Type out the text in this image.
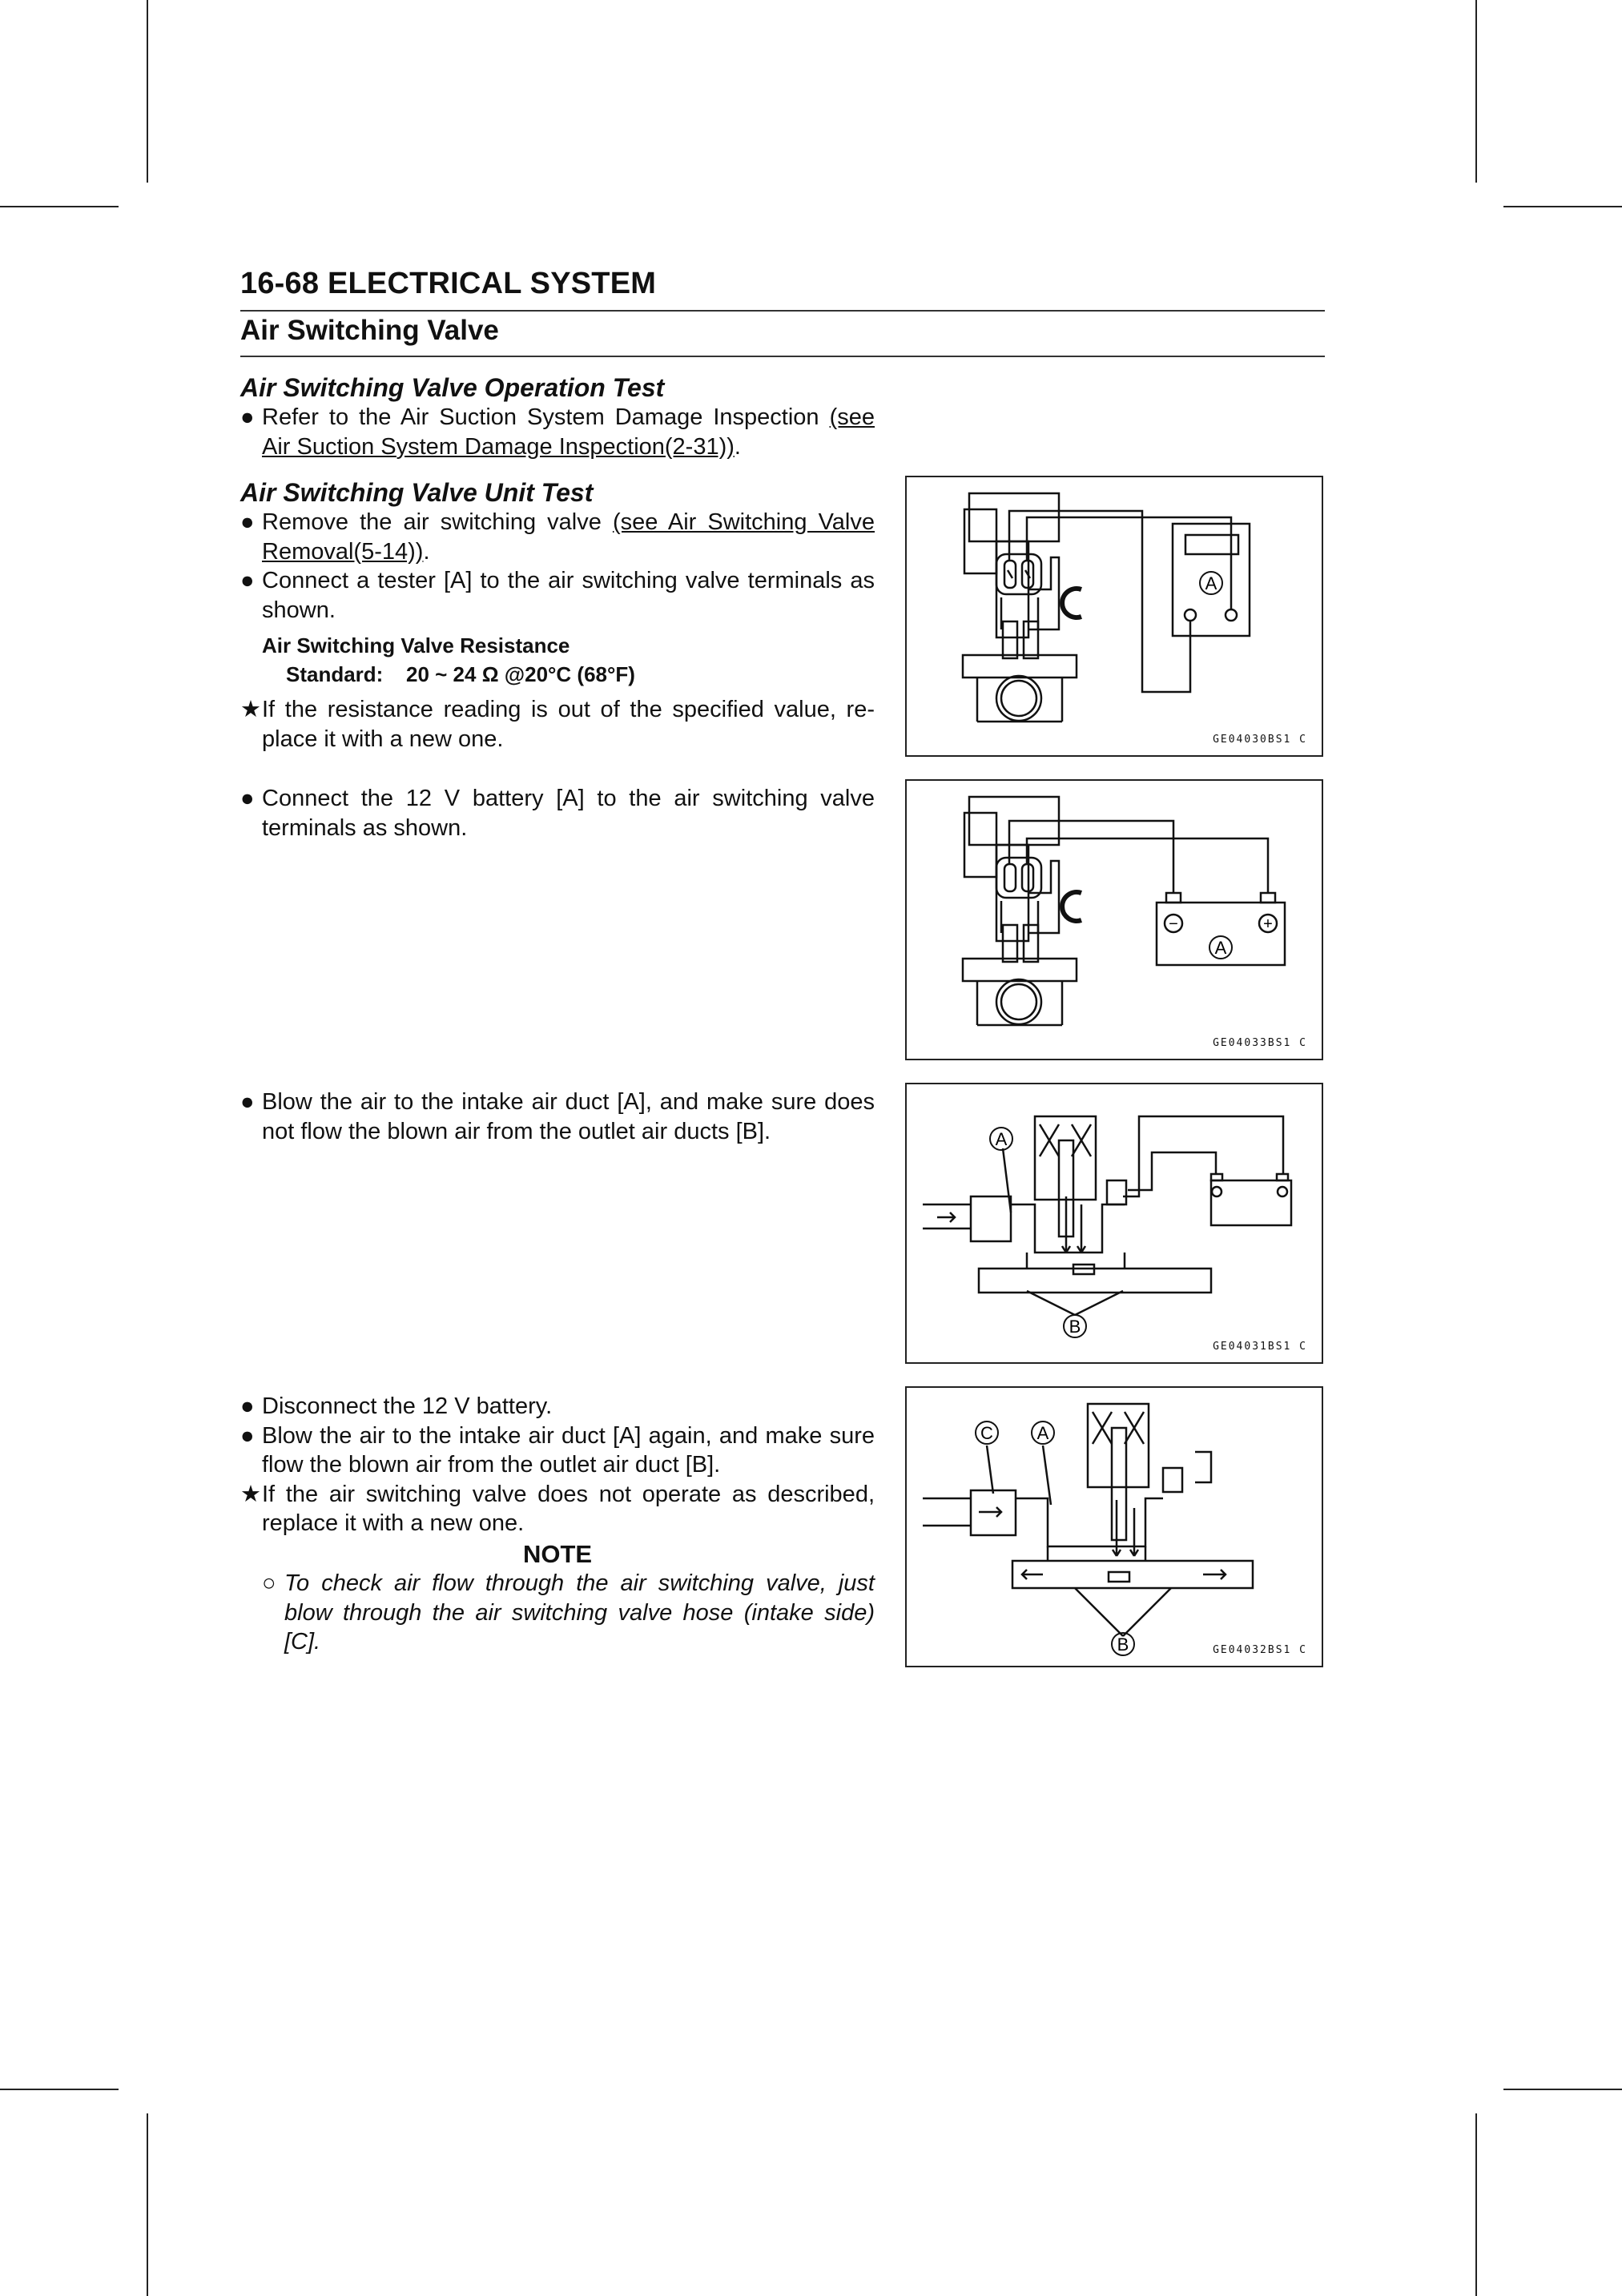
16-68 ELECTRICAL SYSTEM
Air Switching Valve
Air Switching Valve Operation Test
● Refer to the Air Suction System Damage Inspection (see Air Suction System Damage Inspection(2-31)).
Air Switching Valve Unit Test
● Remove the air switching valve (see Air Switching Valve Removal(5-14)).
● Connect a tester [A] to the air switching valve terminals as shown.
Air Switching Valve Resistance
Standard: 20 ~ 24 Ω @20°C (68°F)
★ If the resistance reading is out of the specified value, re-place it with a new one.
● Connect the 12 V battery [A] to the air switching valve terminals as shown.
● Blow the air to the intake air duct [A], and make sure does not flow the blown air from the outlet air ducts [B].
● Disconnect the 12 V battery.
● Blow the air to the intake air duct [A] again, and make sure flow the blown air from the outlet air duct [B].
★ If the air switching valve does not operate as described, replace it with a new one.
NOTE
○ To check air flow through the air switching valve, just blow through the air switching valve hose (intake side) [C].
A
GE04030BS1 C
−	+
A
GE04033BS1 C
A
B
GE04031BS1 C
C A
B	GE04032BS1 C
